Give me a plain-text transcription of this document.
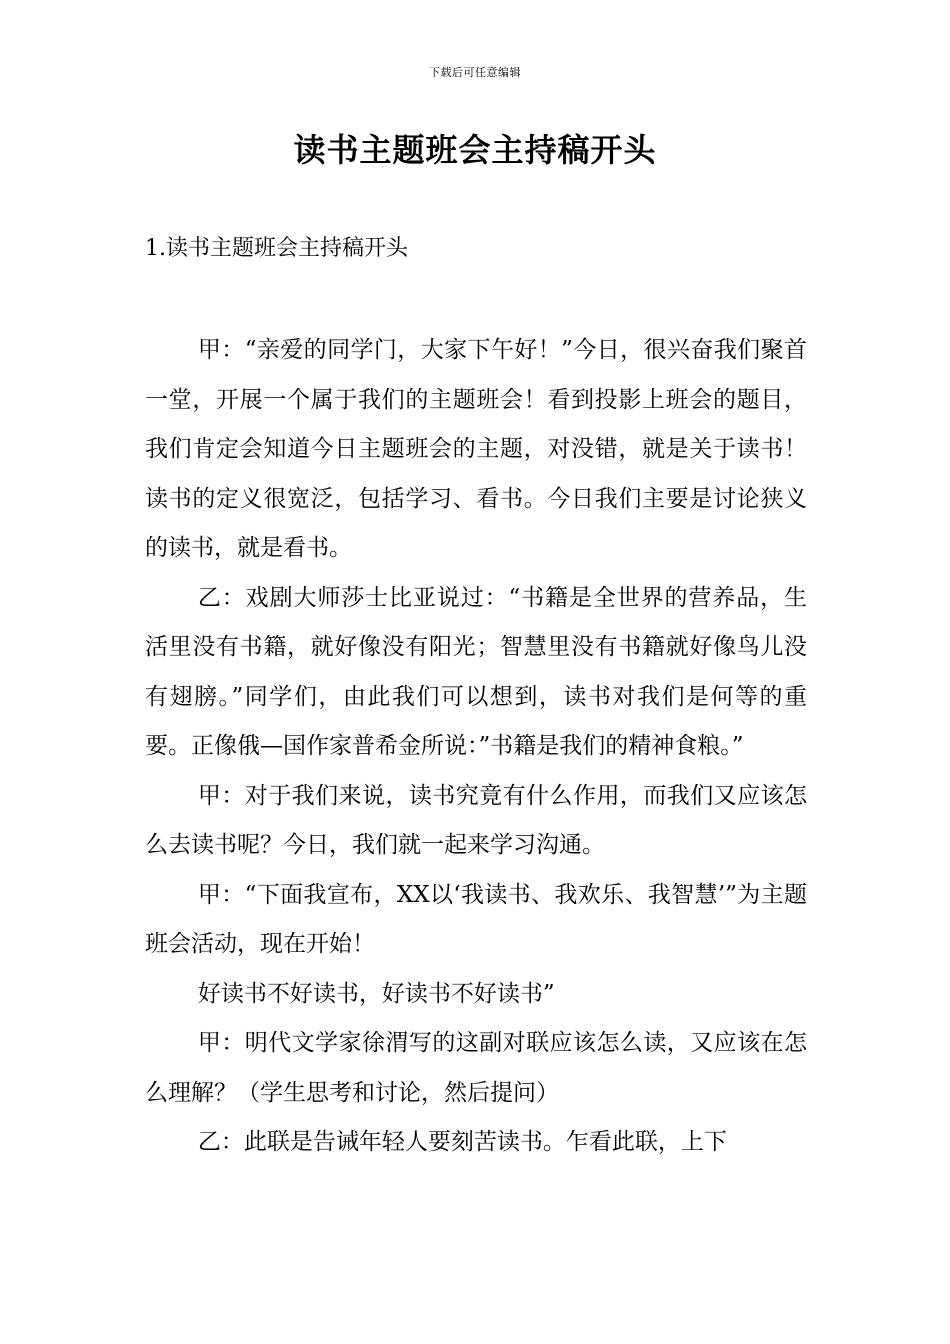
下载后可任意编辑
读书主题班会主持稿开头
1.读书主题班会主持稿开头

甲：“亲爱的同学门，大家下午好！”今日，很兴奋我们聚首一堂，开展一个属于我们的主题班会！看到投影上班会的题目，我们肯定会知道今日主题班会的主题，对没错，就是关于读书！读书的定义很宽泛，包括学习、看书。今日我们主要是讨论狭义的读书，就是看书。

乙：戏剧大师莎士比亚说过：“书籍是全世界的营养品，生活里没有书籍，就好像没有阳光；智慧里没有书籍就好像鸟儿没有翅膀。”同学们，由此我们可以想到，读书对我们是何等的重要。正像俄—国作家普希金所说：”书籍是我们的精神食粮。”

甲：对于我们来说，读书究竟有什么作用，而我们又应该怎么去读书呢？今日，我们就一起来学习沟通。

甲：“下面我宣布，XX以‘我读书、我欢乐、我智慧’”为主题班会活动，现在开始！

好读书不好读书，好读书不好读书”

甲：明代文学家徐渭写的这副对联应该怎么读，又应该在怎么理解？（学生思考和讨论，然后提问）

乙：此联是告诫年轻人要刻苦读书。乍看此联，上下
